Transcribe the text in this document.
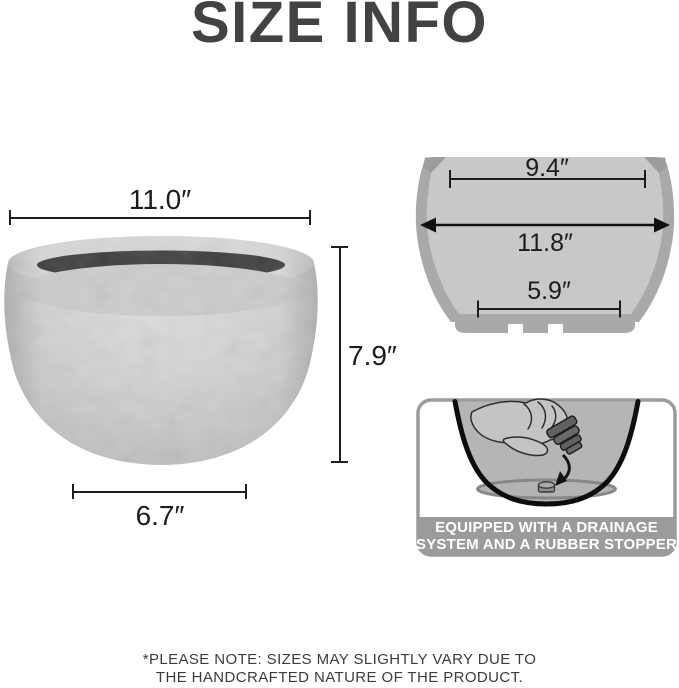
SIZE INFO
11.0″
7.9″
6.7″
9.4″
11.8″
5.9″
EQUIPPED WITH A DRAINAGE
SYSTEM AND A RUBBER STOPPER
*PLEASE NOTE: SIZES MAY SLIGHTLY VARY DUE TO
THE HANDCRAFTED NATURE OF THE PRODUCT.
